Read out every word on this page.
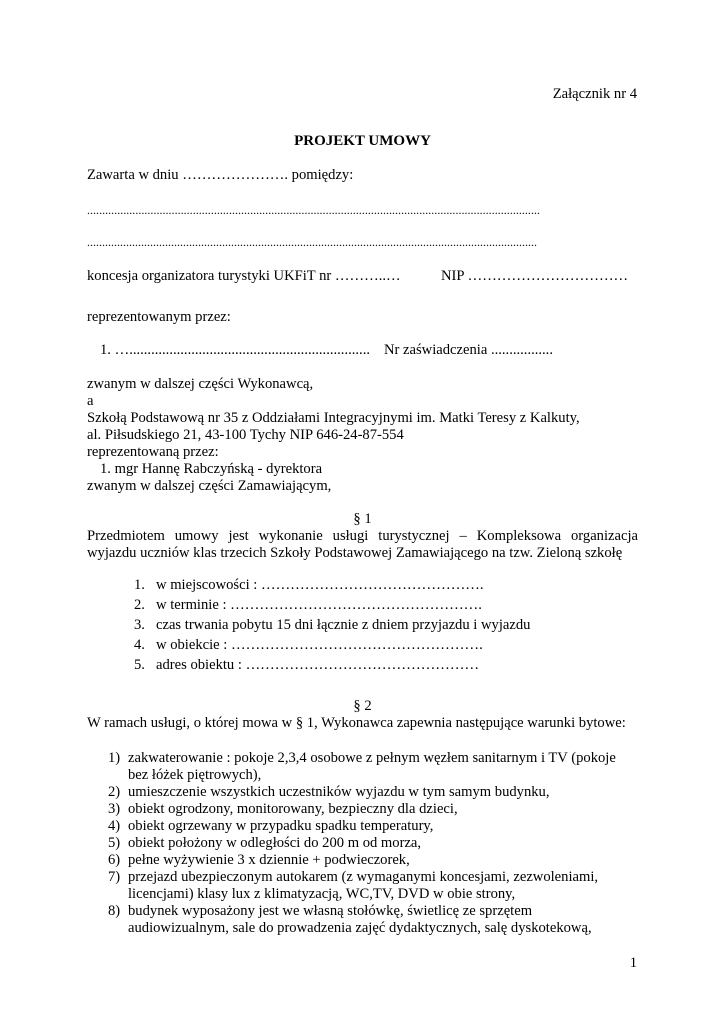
Załącznik nr 4
PROJEKT UMOWY
Zawarta w dniu …………………. pomiędzy:
......................................................................................................................................................
......................................................................................................................................................
koncesja organizatora turystyki UKFiT nr ………..…	NIP ……………………………
reprezentowanym przez:
1. ….................................................................. Nr zaświadczenia .................
zwanym w dalszej części Wykonawcą,
a
Szkołą Podstawową nr 35 z Oddziałami Integracyjnymi im. Matki Teresy z Kalkuty,
al. Piłsudskiego 21, 43-100 Tychy NIP 646-24-87-554
reprezentowaną przez:
1. mgr Hannę Rabczyńską - dyrektora
zwanym w dalszej części Zamawiającym,
§ 1
Przedmiotem umowy jest wykonanie usługi turystycznej – Kompleksowa organizacja
wyjazdu uczniów klas trzecich Szkoły Podstawowej Zamawiającego na tzw. Zieloną szkołę
1. w miejscowości : ……………………………………….
2. w terminie : …………………………………………….
3. czas trwania pobytu 15 dni łącznie z dniem przyjazdu i wyjazdu
4. w obiekcie : …………………………………………….
5. adres obiektu : …………………………………………
§ 2
W ramach usługi, o której mowa w § 1, Wykonawca zapewnia następujące warunki bytowe:
1) zakwaterowanie : pokoje 2,3,4 osobowe z pełnym węzłem sanitarnym i TV (pokoje
bez łóżek piętrowych),
2) umieszczenie wszystkich uczestników wyjazdu w tym samym budynku,
3) obiekt ogrodzony, monitorowany, bezpieczny dla dzieci,
4) obiekt ogrzewany w przypadku spadku temperatury,
5) obiekt położony w odległości do 200 m od morza,
6) pełne wyżywienie 3 x dziennie + podwieczorek,
7) przejazd ubezpieczonym autokarem (z wymaganymi koncesjami, zezwoleniami,
licencjami) klasy lux z klimatyzacją, WC,TV, DVD w obie strony,
8) budynek wyposażony jest we własną stołówkę, świetlicę ze sprzętem
audiowizualnym, sale do prowadzenia zajęć dydaktycznych, salę dyskotekową,
1
